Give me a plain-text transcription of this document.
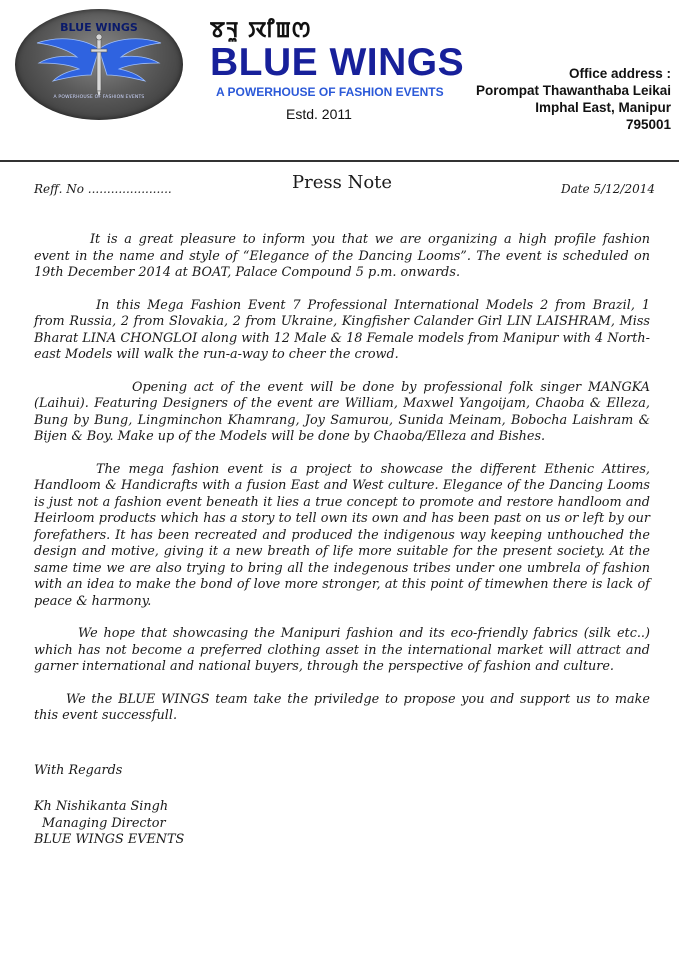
BLUE WINGS
A POWERHOUSE OF FASHION EVENTS
ꯕꯜꯨ ꯋꯤꯡꯁ
BLUE WINGS
A POWERHOUSE OF FASHION EVENTS
Estd. 2011
Office address :
Porompat Thawanthaba Leikai
Imphal East, Manipur
795001
Reff. No ......................	Press Note	Date 5/12/2014

It is a great pleasure to inform you that we are organizing a high profile fashion event in the name and style of “Elegance of the Dancing Looms”. The event is scheduled on 19th December 2014 at BOAT, Palace Compound 5 p.m. onwards.

In this Mega Fashion Event 7 Professional International Models 2 from Brazil, 1 from Russia, 2 from Slovakia, 2 from Ukraine, Kingfisher Calander Girl LIN LAISHRAM, Miss Bharat LINA CHONGLOI along with 12 Male & 18 Female models from Manipur with 4 North-east Models will walk the run-a-way to cheer the crowd.

Opening act of the event will be done by professional folk singer MANGKA (Laihui). Featuring Designers of the event are William, Maxwel Yangoijam, Chaoba & Elleza, Bung by Bung, Lingminchon Khamrang, Joy Samurou, Sunida Meinam, Bobocha Laishram & Bijen & Boy. Make up of the Models will be done by Chaoba/Elleza and Bishes.

The mega fashion event is a project to showcase the different Ethenic Attires, Handloom & Handicrafts with a fusion East and West culture. Elegance of the Dancing Looms is just not a fashion event beneath it lies a true concept to promote and restore handloom and Heirloom products which has a story to tell own its own and has been past on us or left by our forefathers. It has been recreated and produced the indigenous way keeping unthouched the design and motive, giving it a new breath of life more suitable for the present society. At the same time we are also trying to bring all the indegenous tribes under one umbrela of fashion with an idea to make the bond of love more stronger, at this point of timewhen there is lack of peace & harmony.

We hope that showcasing the Manipuri fashion and its eco-friendly fabrics (silk etc..) which has not become a preferred clothing asset in the international market will attract and garner international and national buyers, through the perspective of fashion and culture.

We the BLUE WINGS team take the priviledge to propose you and support us to make this event successfull.

With Regards
Kh Nishikanta Singh
Managing Director
BLUE WINGS EVENTS
